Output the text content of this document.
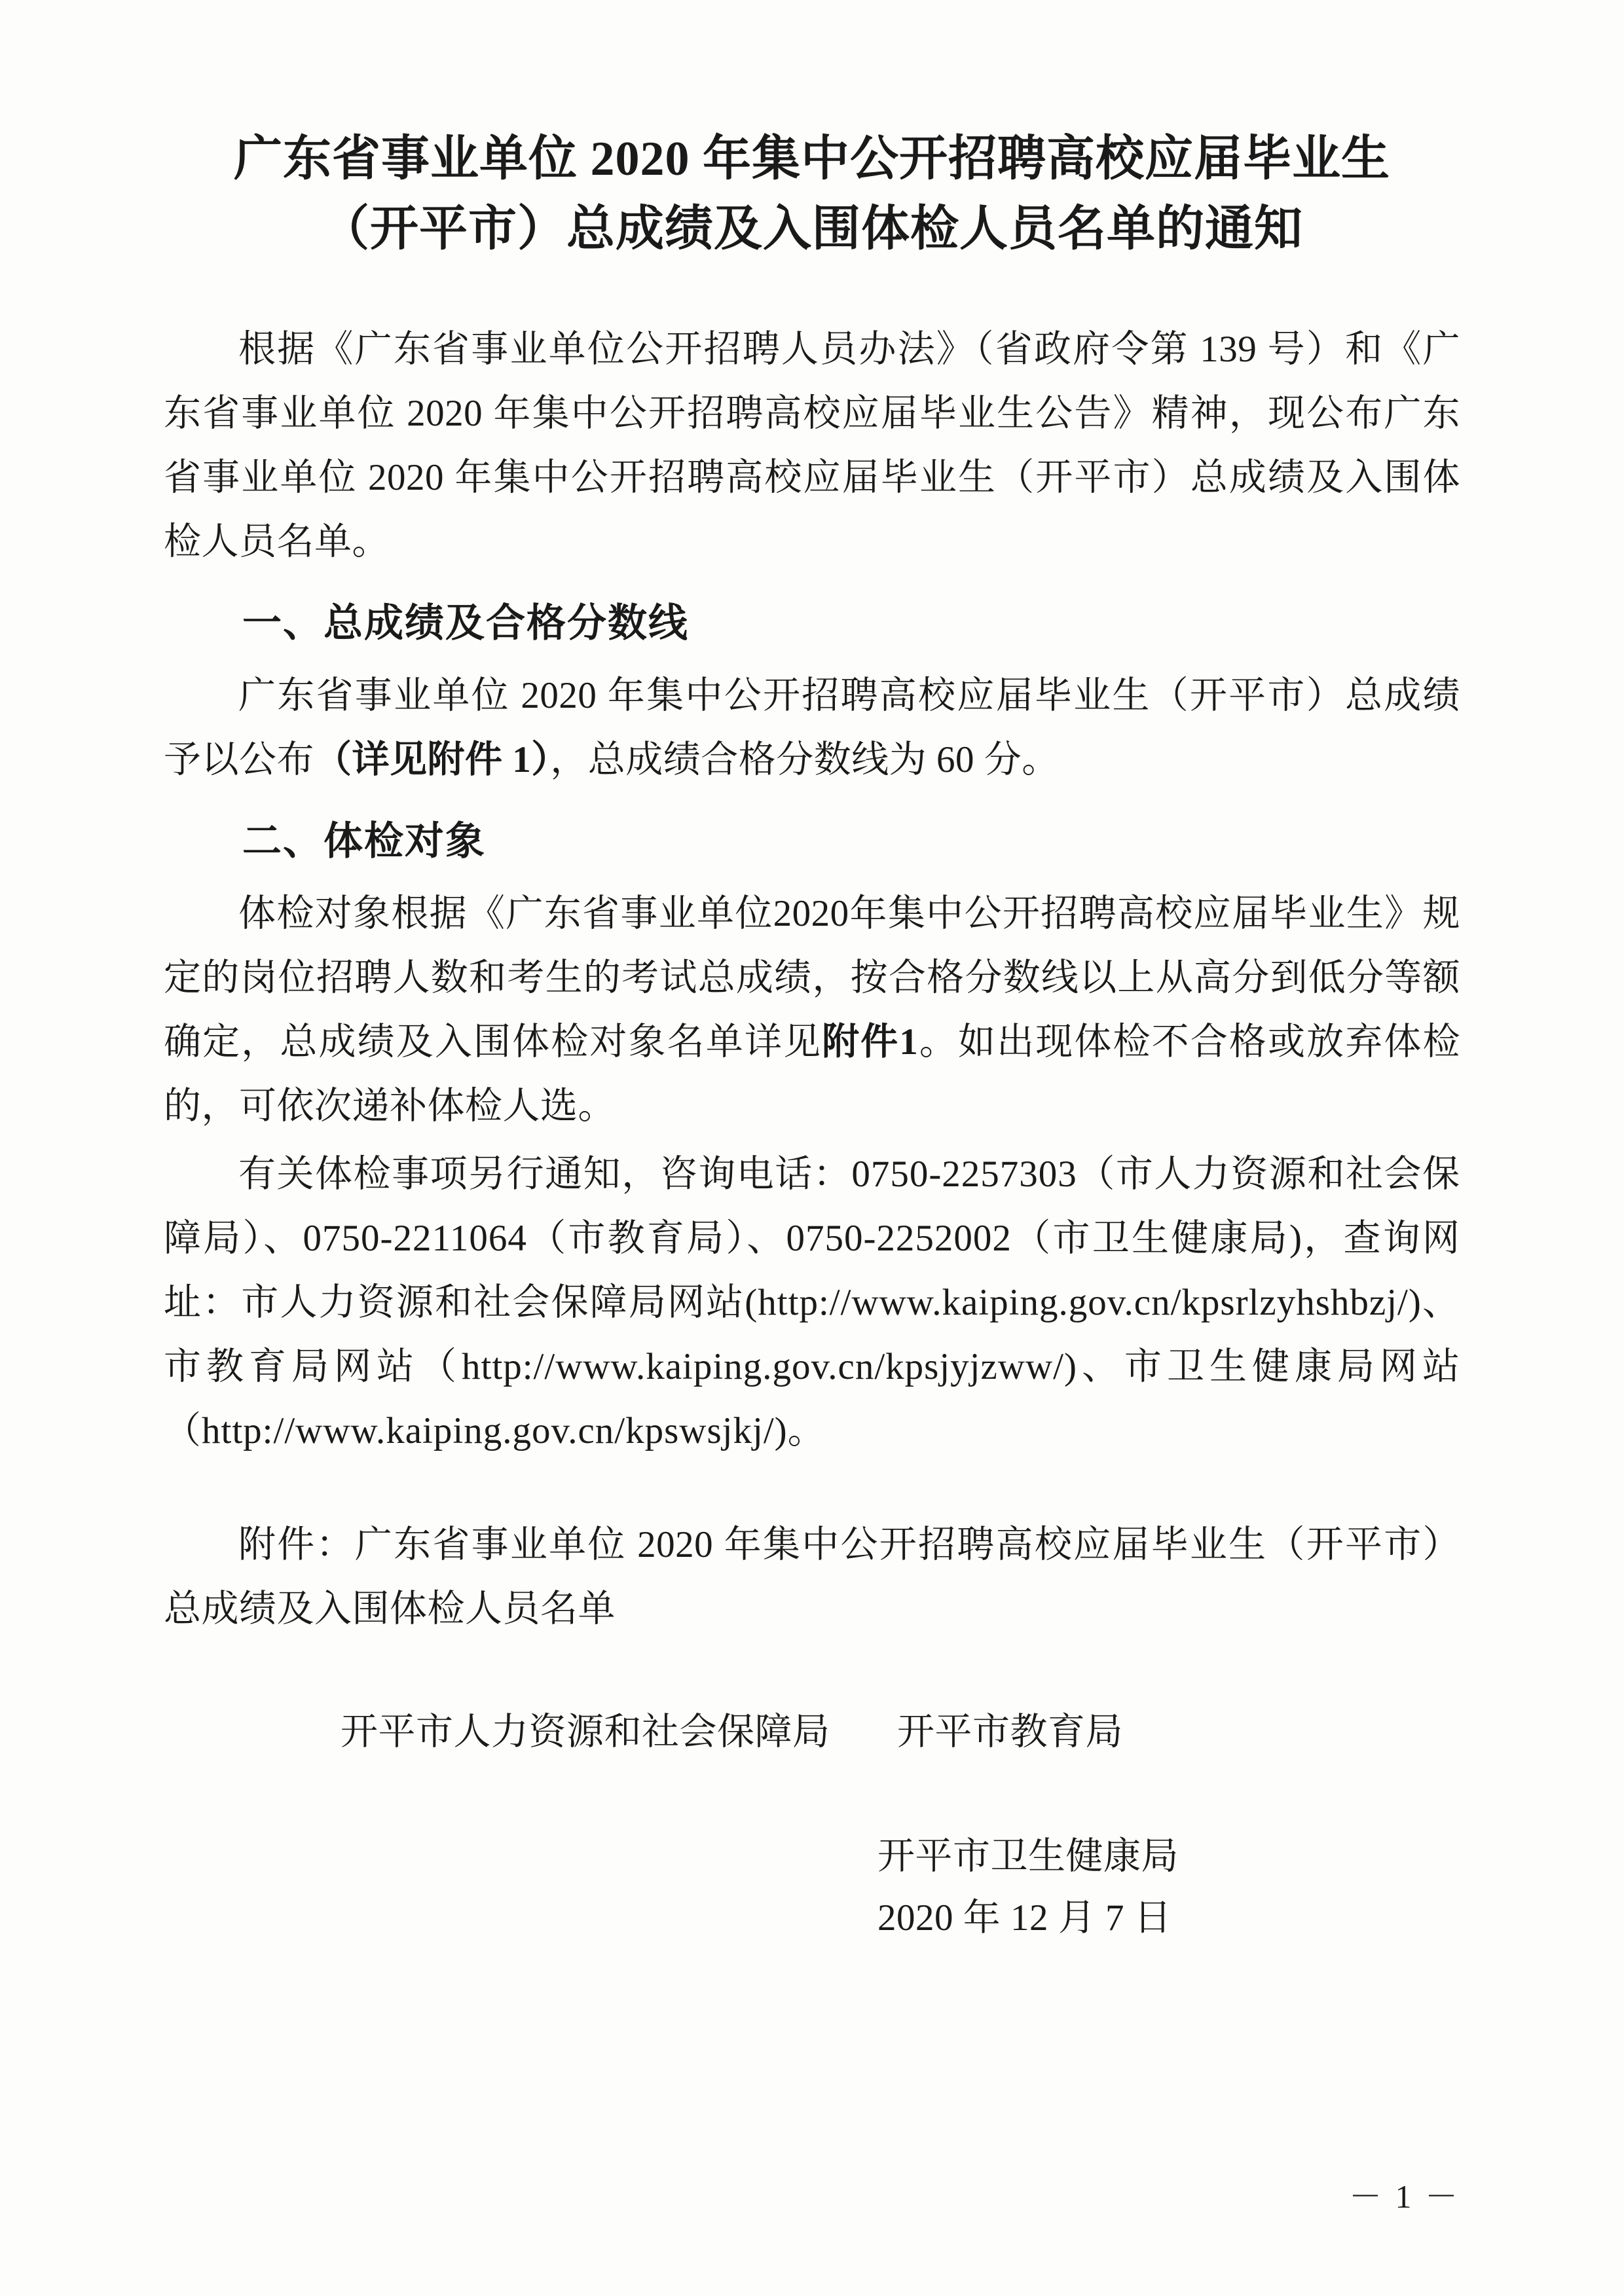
广东省事业单位 2020 年集中公开招聘高校应届毕业生
（开平市）总成绩及入围体检人员名单的通知

根据《广东省事业单位公开招聘人员办法》（省政府令第 139 号）和《广东省事业单位 2020 年集中公开招聘高校应届毕业生公告》精神，现公布广东省事业单位 2020 年集中公开招聘高校应届毕业生（开平市）总成绩及入围体检人员名单。

一、总成绩及合格分数线

广东省事业单位 2020 年集中公开招聘高校应届毕业生（开平市）总成绩予以公布（详见附件 1），总成绩合格分数线为 60 分。

二、体检对象

体检对象根据《广东省事业单位2020年集中公开招聘高校应届毕业生》规定的岗位招聘人数和考生的考试总成绩，按合格分数线以上从高分到低分等额确定，总成绩及入围体检对象名单详见附件1。如出现体检不合格或放弃体检的，可依次递补体检人选。

有关体检事项另行通知，咨询电话：0750-2257303（市人力资源和社会保障局）、0750-2211064（市教育局）、0750-2252002（市卫生健康局)，查询网址：市人力资源和社会保障局网站(http://www.kaiping.gov.cn/kpsrlzyhshbzj/)、市教育局网站（http://www.kaiping.gov.cn/kpsjyjzww/)、市卫生健康局网站（http://www.kaiping.gov.cn/kpswsjkj/)。

附件：广东省事业单位 2020 年集中公开招聘高校应届毕业生（开平市）总成绩及入围体检人员名单

开平市人力资源和社会保障局	开平市教育局
开平市卫生健康局
2020 年 12 月 7 日
－ 1 －
